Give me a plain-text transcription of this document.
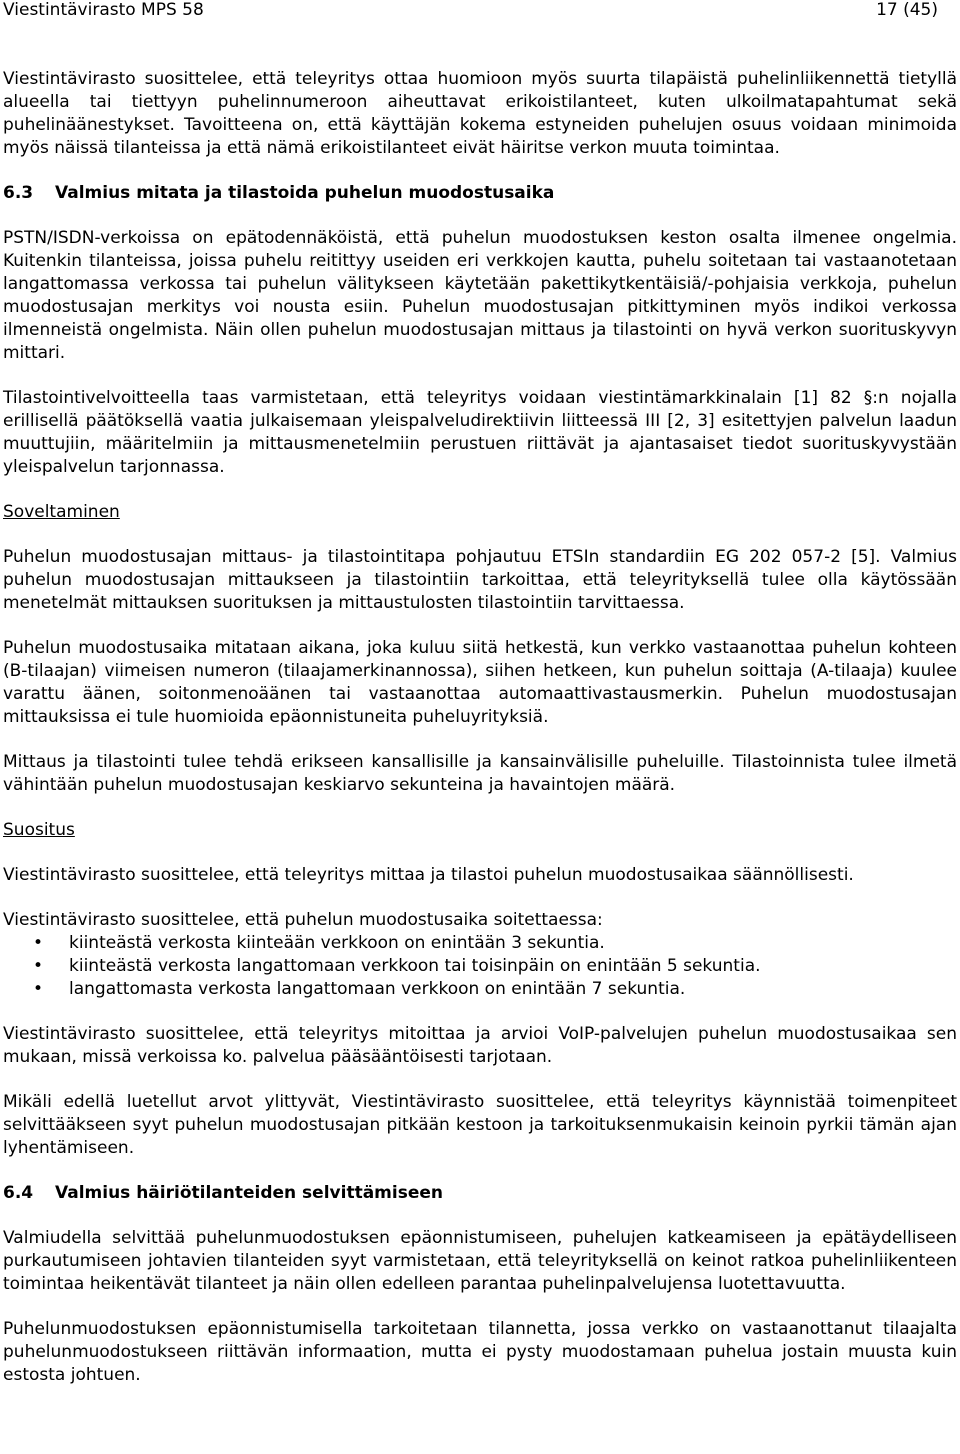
Viestintävirasto MPS 58	17 (45)

Viestintävirasto suosittelee, että teleyritys ottaa huomioon myös suurta tilapäistä puhelinliikennettä tietyllä alueella tai tiettyyn puhelinnumeroon aiheuttavat erikoistilanteet, kuten ulkoilmatapahtumat sekä puhelinäänestykset. Tavoitteena on, että käyttäjän kokema estyneiden puhelujen osuus voidaan minimoida myös näissä tilanteissa ja että nämä erikoistilanteet eivät häiritse verkon muuta toimintaa.

6.3 Valmius mitata ja tilastoida puhelun muodostusaika

PSTN/ISDN-verkoissa on epätodennäköistä, että puhelun muodostuksen keston osalta ilmenee ongelmia. Kuitenkin tilanteissa, joissa puhelu reitittyy useiden eri verkkojen kautta, puhelu soitetaan tai vastaanotetaan langattomassa verkossa tai puhelun välitykseen käytetään pakettikytkentäisiä/-pohjaisia verkkoja, puhelun muodostusajan merkitys voi nousta esiin. Puhelun muodostusajan pitkittyminen myös indikoi verkossa ilmenneistä ongelmista. Näin ollen puhelun muodostusajan mittaus ja tilastointi on hyvä verkon suorituskyvyn mittari.

Tilastointivelvoitteella taas varmistetaan, että teleyritys voidaan viestintämarkkinalain [1] 82 §:n nojalla erillisellä päätöksellä vaatia julkaisemaan yleispalveludirektiivin liitteessä III [2, 3] esitettyjen palvelun laadun muuttujiin, määritelmiin ja mittausmenetelmiin perustuen riittävät ja ajantasaiset tiedot suorituskyvystään yleispalvelun tarjonnassa.

Soveltaminen

Puhelun muodostusajan mittaus- ja tilastointitapa pohjautuu ETSIn standardiin EG 202 057-2 [5]. Valmius puhelun muodostusajan mittaukseen ja tilastointiin tarkoittaa, että teleyrityksellä tulee olla käytössään menetelmät mittauksen suorituksen ja mittaustulosten tilastointiin tarvittaessa.

Puhelun muodostusaika mitataan aikana, joka kuluu siitä hetkestä, kun verkko vastaanottaa puhelun kohteen (B-tilaajan) viimeisen numeron (tilaajamerkinannossa), siihen hetkeen, kun puhelun soittaja (A-tilaaja) kuulee varattu äänen, soitonmenoäänen tai vastaanottaa automaattivastausmerkin. Puhelun muodostusajan mittauksissa ei tule huomioida epäonnistuneita puheluyrityksiä.

Mittaus ja tilastointi tulee tehdä erikseen kansallisille ja kansainvälisille puheluille. Tilastoinnista tulee ilmetä vähintään puhelun muodostusajan keskiarvo sekunteina ja havaintojen määrä.

Suositus

Viestintävirasto suosittelee, että teleyritys mittaa ja tilastoi puhelun muodostusaikaa säännöllisesti.

Viestintävirasto suosittelee, että puhelun muodostusaika soitettaessa:

• kiinteästä verkosta kiinteään verkkoon on enintään 3 sekuntia.
• kiinteästä verkosta langattomaan verkkoon tai toisinpäin on enintään 5 sekuntia.
• langattomasta verkosta langattomaan verkkoon on enintään 7 sekuntia.

Viestintävirasto suosittelee, että teleyritys mitoittaa ja arvioi VoIP-palvelujen puhelun muodostusaikaa sen mukaan, missä verkoissa ko. palvelua pääsääntöisesti tarjotaan.

Mikäli edellä luetellut arvot ylittyvät, Viestintävirasto suosittelee, että teleyritys käynnistää toimenpiteet selvittääkseen syyt puhelun muodostusajan pitkään kestoon ja tarkoituksenmukaisin keinoin pyrkii tämän ajan lyhentämiseen.

6.4 Valmius häiriötilanteiden selvittämiseen

Valmiudella selvittää puhelunmuodostuksen epäonnistumiseen, puhelujen katkeamiseen ja epätäydelliseen purkautumiseen johtavien tilanteiden syyt varmistetaan, että teleyrityksellä on keinot ratkoa puhelinliikenteen toimintaa heikentävät tilanteet ja näin ollen edelleen parantaa puhelinpalvelujensa luotettavuutta.

Puhelunmuodostuksen epäonnistumisella tarkoitetaan tilannetta, jossa verkko on vastaanottanut tilaajalta puhelunmuodostukseen riittävän informaation, mutta ei pysty muodostamaan puhelua jostain muusta kuin estosta johtuen.
